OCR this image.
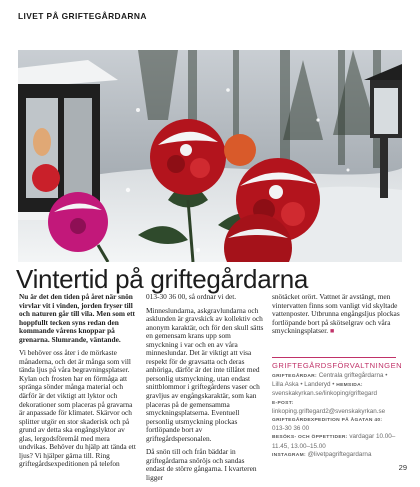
LIVET PÅ GRIFTEGÅRDARNA
Vintertid på griftegårdarna

Nu är det den tiden på året när snön virvlar vit i vinden, jorden fryser till och naturen går till vila. Men som ett hoppfullt tecken syns redan den kommande vårens knoppar på grenarna. Slumrande, väntande.

Vi behöver oss åter i de mörkaste månaderna, och det är många som vill tända ljus på våra begravningsplatser. Kylan och frosten har en förmåga att spränga sönder många material och därför är det viktigt att lyktor och dekorationer som placeras på gravarna är anpassade för klimatet. Skärvor och splitter utgör en stor skaderisk och på grund av detta ska engångslyktor av glas, lergodsföremål med mera undvikas. Behöver du hjälp att tända ett ljus? Vi hjälper gärna till. Ring griftegårdsexpeditionen på telefon

013-30 36 00, så ordnar vi det.

Minneslundarna, askgravlundarna och asklunden är gravskick av kollektiv och anonym karaktär, och för den skull sätts en gemensam krans upp som smyckning i var och en av våra minneslundar. Det är viktigt att visa respekt för de gravsatta och deras anhöriga, därför är det inte tillåtet med personlig utsmyckning, utan endast snittblommor i griftegårdens vaser och gravljus av engångskaraktär, som kan placeras på de gemensamma smyckningsplatserna. Eventuell personlig utsmyckning plockas fortlöpande bort av griftegårdspersonalen.

Då snön till och från bäddar in griftegårdarna snöröjs och sandas endast de större gångarna. I kvarteren ligger

snötäcket orört. Vattnet är avstängt, men vintervatten finns som vanligt vid skyltade vattenposter. Utbrunna engångsljus plockas fortlöpande bort på skötselgrav och våra smyckningsplatser. ■

GRIFTEGÅRDSFÖRVALTNINGEN
GRIFTEGÅRDAR: Centrala griftegårdarna • Lilla Aska • Landeryd • HEMSIDA: svenskakyrkan.se/linkoping/griftegard
E-POST:
linkoping.griftegard2@svenskakyrkan.se
GRIFTEGÅRDEXPEDITION PÅ ÅGATAN 40:
013-30 36 00
BESÖKS- OCH ÖPPETTIDER: vardagar 10.00–11.45, 13.00–15.00
INSTAGRAM: @livetpagriftegardarna
29
